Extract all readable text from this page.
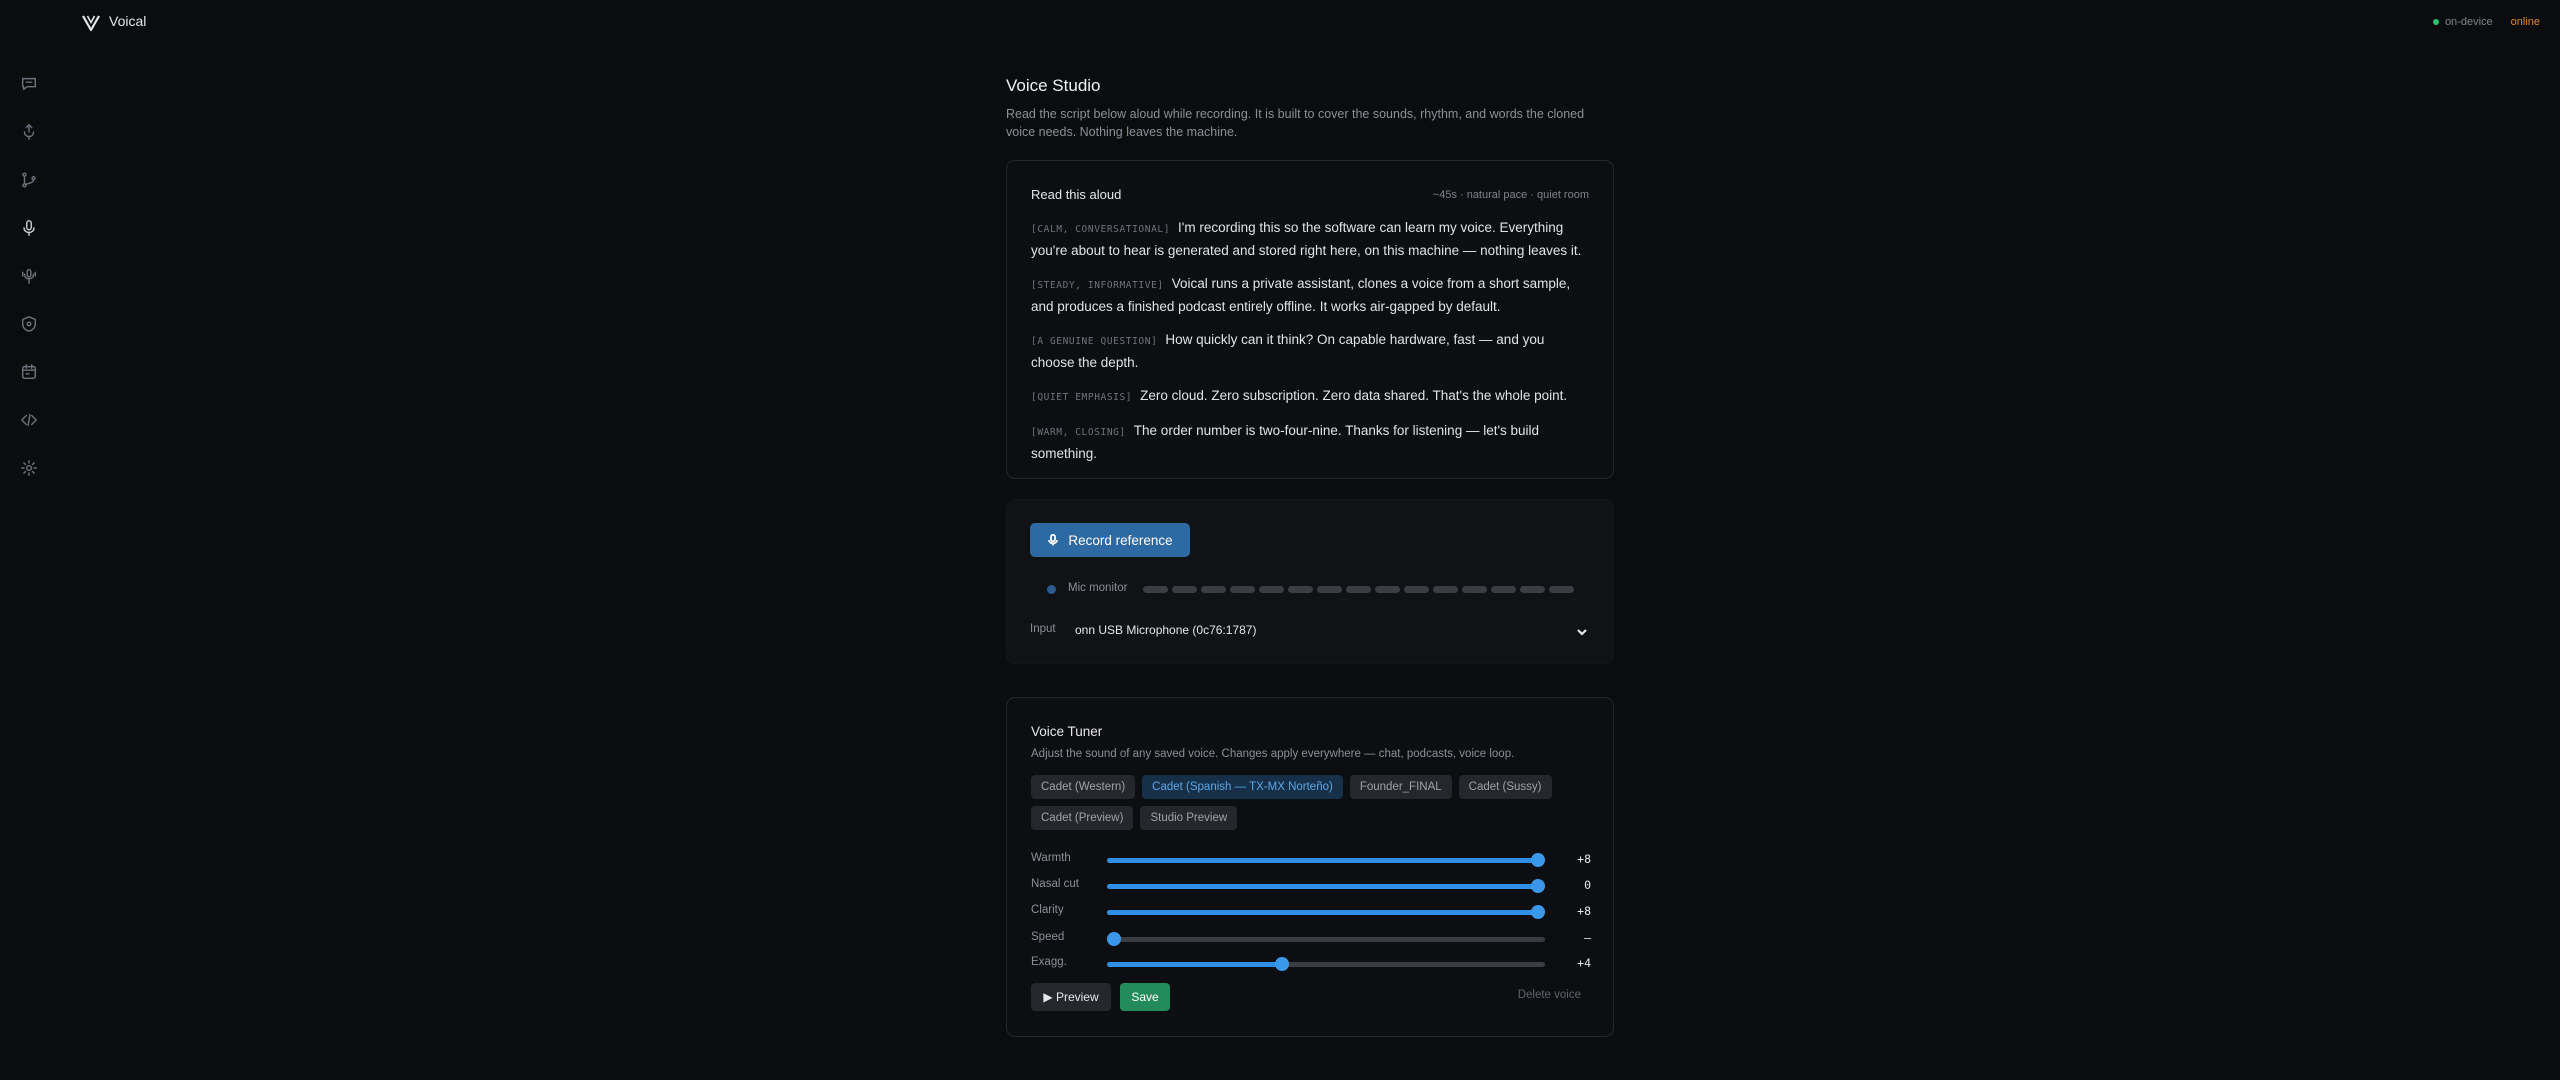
Voical	on-device online
Voice Studio
Read the script below aloud while recording. It is built to cover the sounds, rhythm, and words the cloned voice needs. Nothing leaves the machine.
Read this aloud	~45s · natural pace · quiet room

[CALM, CONVERSATIONAL] I'm recording this so the software can learn my voice. Everything you're about to hear is generated and stored right here, on this machine — nothing leaves it.

[STEADY, INFORMATIVE] Voical runs a private assistant, clones a voice from a short sample, and produces a finished podcast entirely offline. It works air-gapped by default.

[A GENUINE QUESTION] How quickly can it think? On capable hardware, fast — and you choose the depth.

[QUIET EMPHASIS] Zero cloud. Zero subscription. Zero data shared. That's the whole point.

[WARM, CLOSING] The order number is two-four-nine. Thanks for listening — let's build something.

Record reference
Mic monitor
Input onn USB Microphone (0c76:1787)
Voice Tuner
Adjust the sound of any saved voice. Changes apply everywhere — chat, podcasts, voice loop.
Cadet (Western)	Cadet (Spanish — TX-MX Norteño)	Founder_FINAL	Cadet (Sussy)
Cadet (Preview)	Studio Preview
Warmth	+8
Nasal cut	0
Clarity	+8
Speed	—
Exagg.	+4
▶ Preview	Save	Delete voice
